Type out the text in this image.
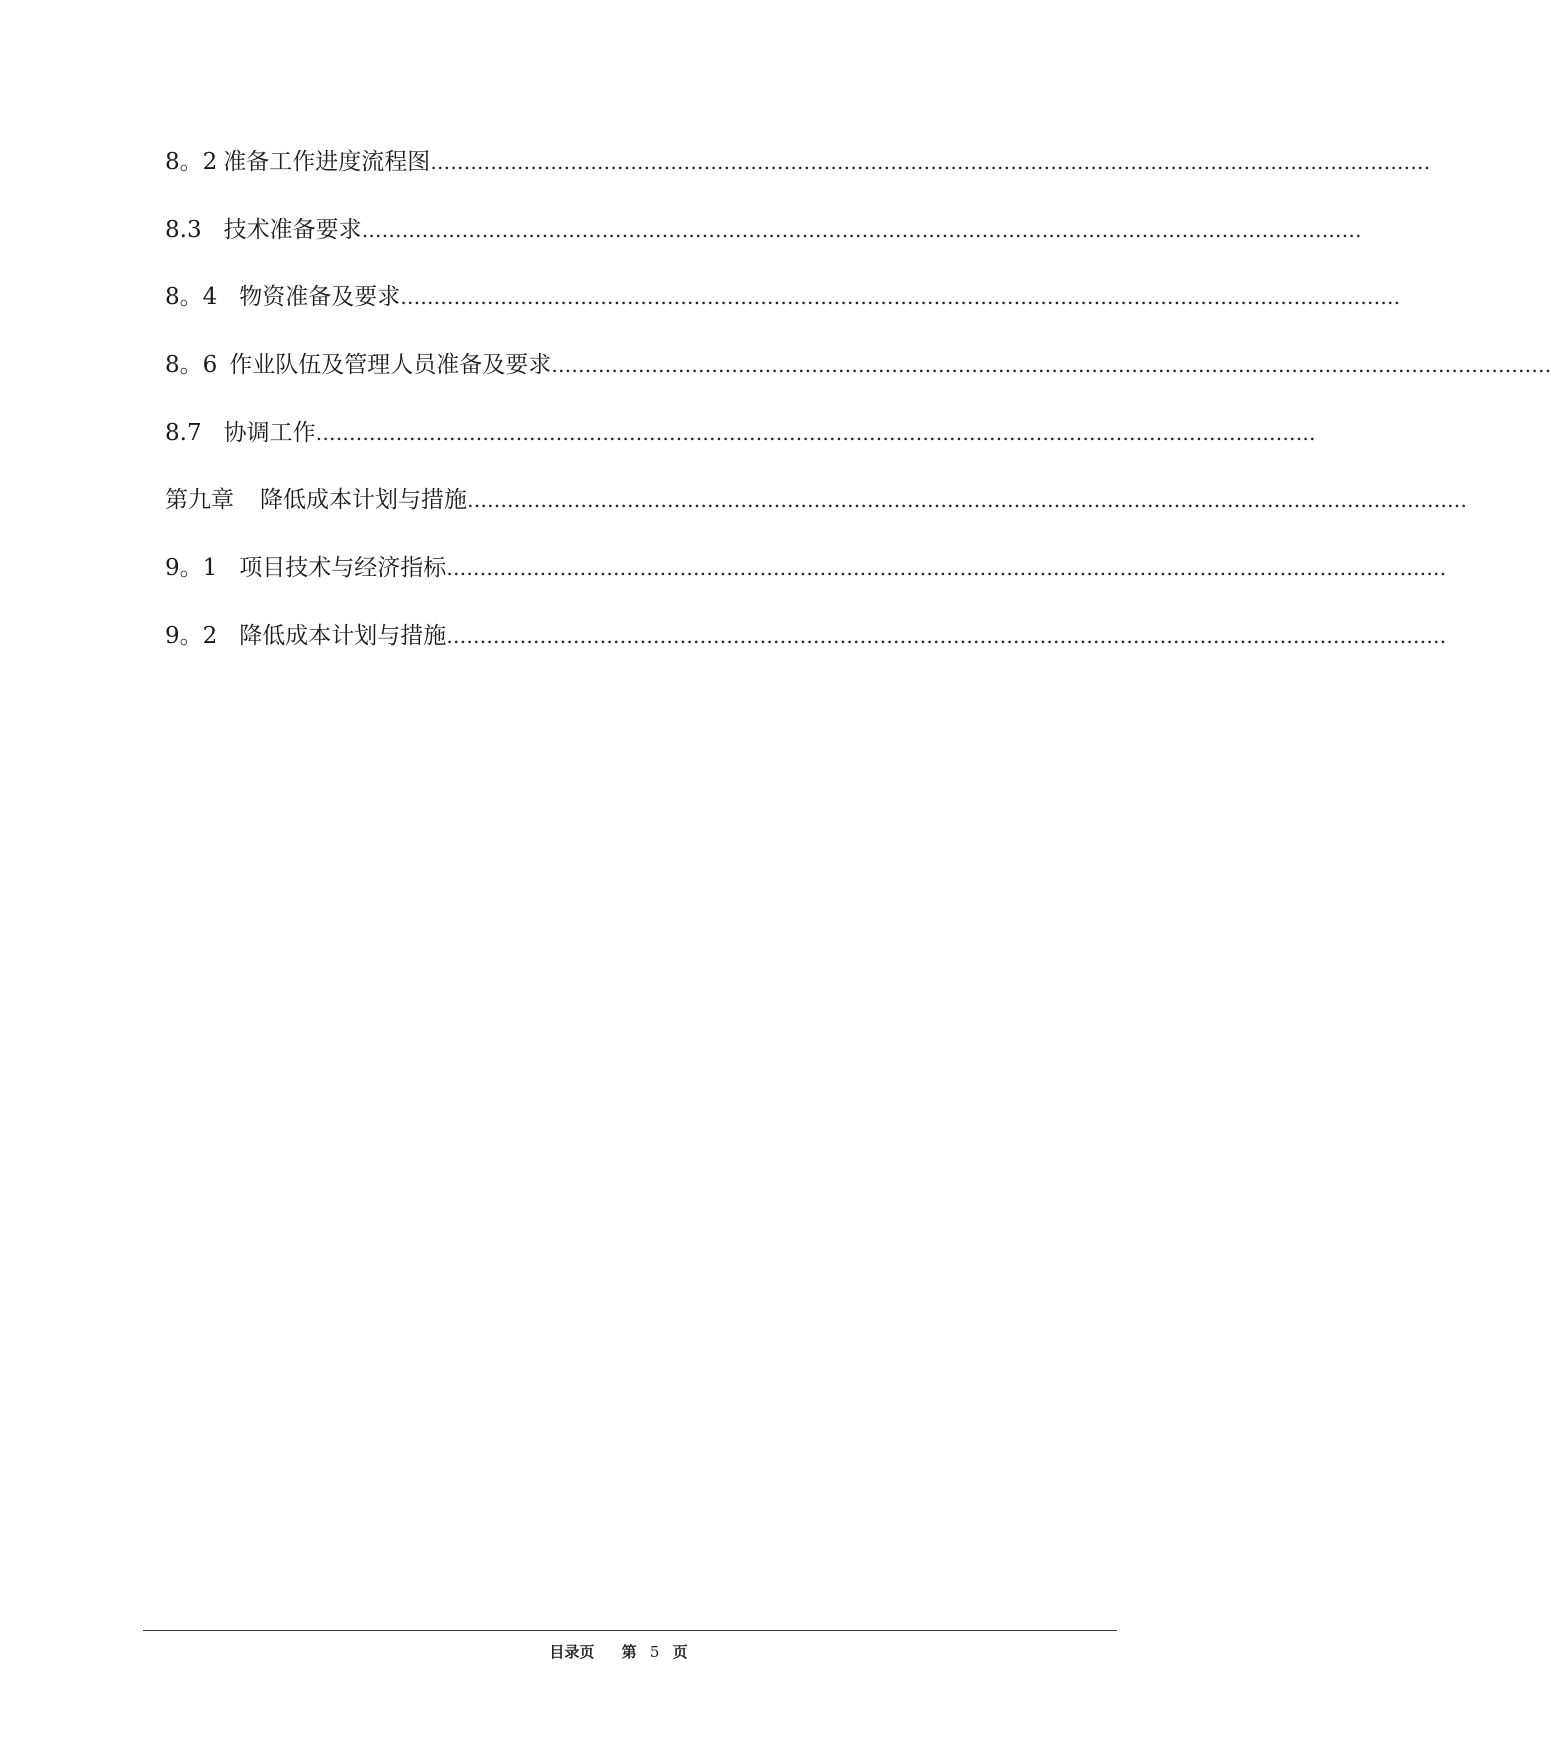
8。2 准备工作进度流程图 ……………………………………………………………………………………………………………………………………
8.3 技术准备要求 ……………………………………………………………………………………………………………………………………
8。4 物资准备及要求 ……………………………………………………………………………………………………………………………………
8。6 作业队伍及管理人员准备及要求 ……………………………………………………………………………………………………………………………………
8.7 协调工作 ……………………………………………………………………………………………………………………………………
第九章 降低成本计划与措施 ……………………………………………………………………………………………………………………………………
9。1 项目技术与经济指标 ……………………………………………………………………………………………………………………………………
9。2 降低成本计划与措施 ……………………………………………………………………………………………………………………………………
目录页 第 5 页
